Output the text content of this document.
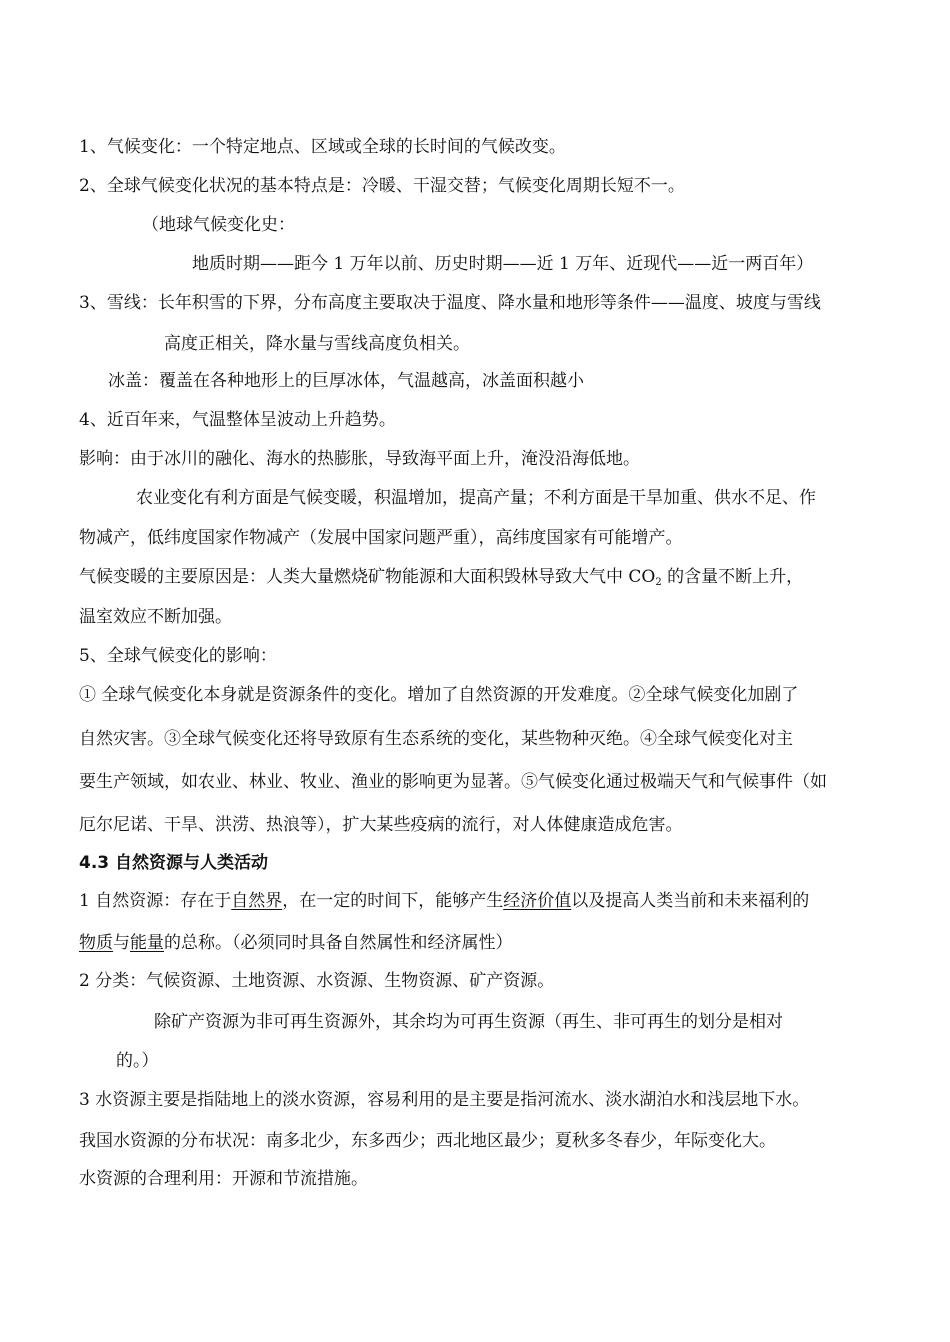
1、气候变化：一个特定地点、区域或全球的长时间的气候改变。
2、全球气候变化状况的基本特点是：冷暖、干湿交替；气候变化周期长短不一。
（地球气候变化史：
地质时期——距今 1 万年以前、历史时期——近 1 万年、近现代——近一两百年）
3、雪线：长年积雪的下界，分布高度主要取决于温度、降水量和地形等条件——温度、坡度与雪线
高度正相关，降水量与雪线高度负相关。
冰盖：覆盖在各种地形上的巨厚冰体，气温越高，冰盖面积越小
4、近百年来，气温整体呈波动上升趋势。
影响：由于冰川的融化、海水的热膨胀，导致海平面上升，淹没沿海低地。
农业变化有利方面是气候变暖，积温增加，提高产量；不利方面是干旱加重、供水不足、作
物减产，低纬度国家作物减产（发展中国家问题严重），高纬度国家有可能增产。
气候变暖的主要原因是：人类大量燃烧矿物能源和大面积毁林导致大气中 $CO_2$ 的含量不断上升，
温室效应不断加强。
5、全球气候变化的影响：
① 全球气候变化本身就是资源条件的变化。增加了自然资源的开发难度。②全球气候变化加剧了
自然灾害。③全球气候变化还将导致原有生态系统的变化，某些物种灭绝。④全球气候变化对主
要生产领域，如农业、林业、牧业、渔业的影响更为显著。⑤气候变化通过极端天气和气候事件（如
厄尔尼诺、干旱、洪涝、热浪等），扩大某些疫病的流行，对人体健康造成危害。
4.3 自然资源与人类活动
1 自然资源：存在于自然界，在一定的时间下，能够产生经济价值以及提高人类当前和未来福利的
物质与能量的总称。（必须同时具备自然属性和经济属性）
2 分类：气候资源、土地资源、水资源、生物资源、矿产资源。
除矿产资源为非可再生资源外，其余均为可再生资源（再生、非可再生的划分是相对
的。）
3 水资源主要是指陆地上的淡水资源，容易利用的是主要是指河流水、淡水湖泊水和浅层地下水。
我国水资源的分布状况：南多北少，东多西少；西北地区最少；夏秋多冬春少，年际变化大。
水资源的合理利用：开源和节流措施。
